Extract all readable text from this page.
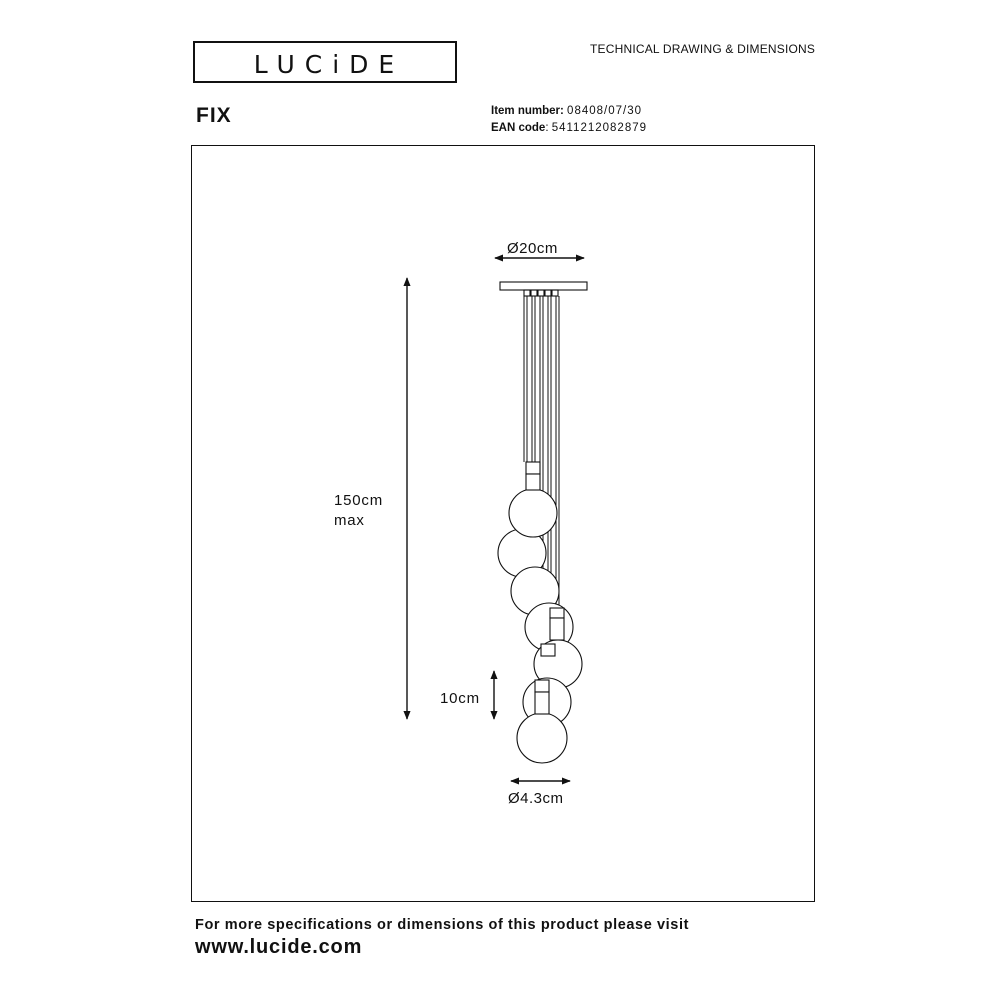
LUCiDE
TECHNICAL DRAWING & DIMENSIONS
FIX	Item number: 08408/07/30
EAN code: 5411212082879
Ø20cm
150cm
max
10cm
Ø4.3cm
For more specifications or dimensions of this product please visit
www.lucide.com
